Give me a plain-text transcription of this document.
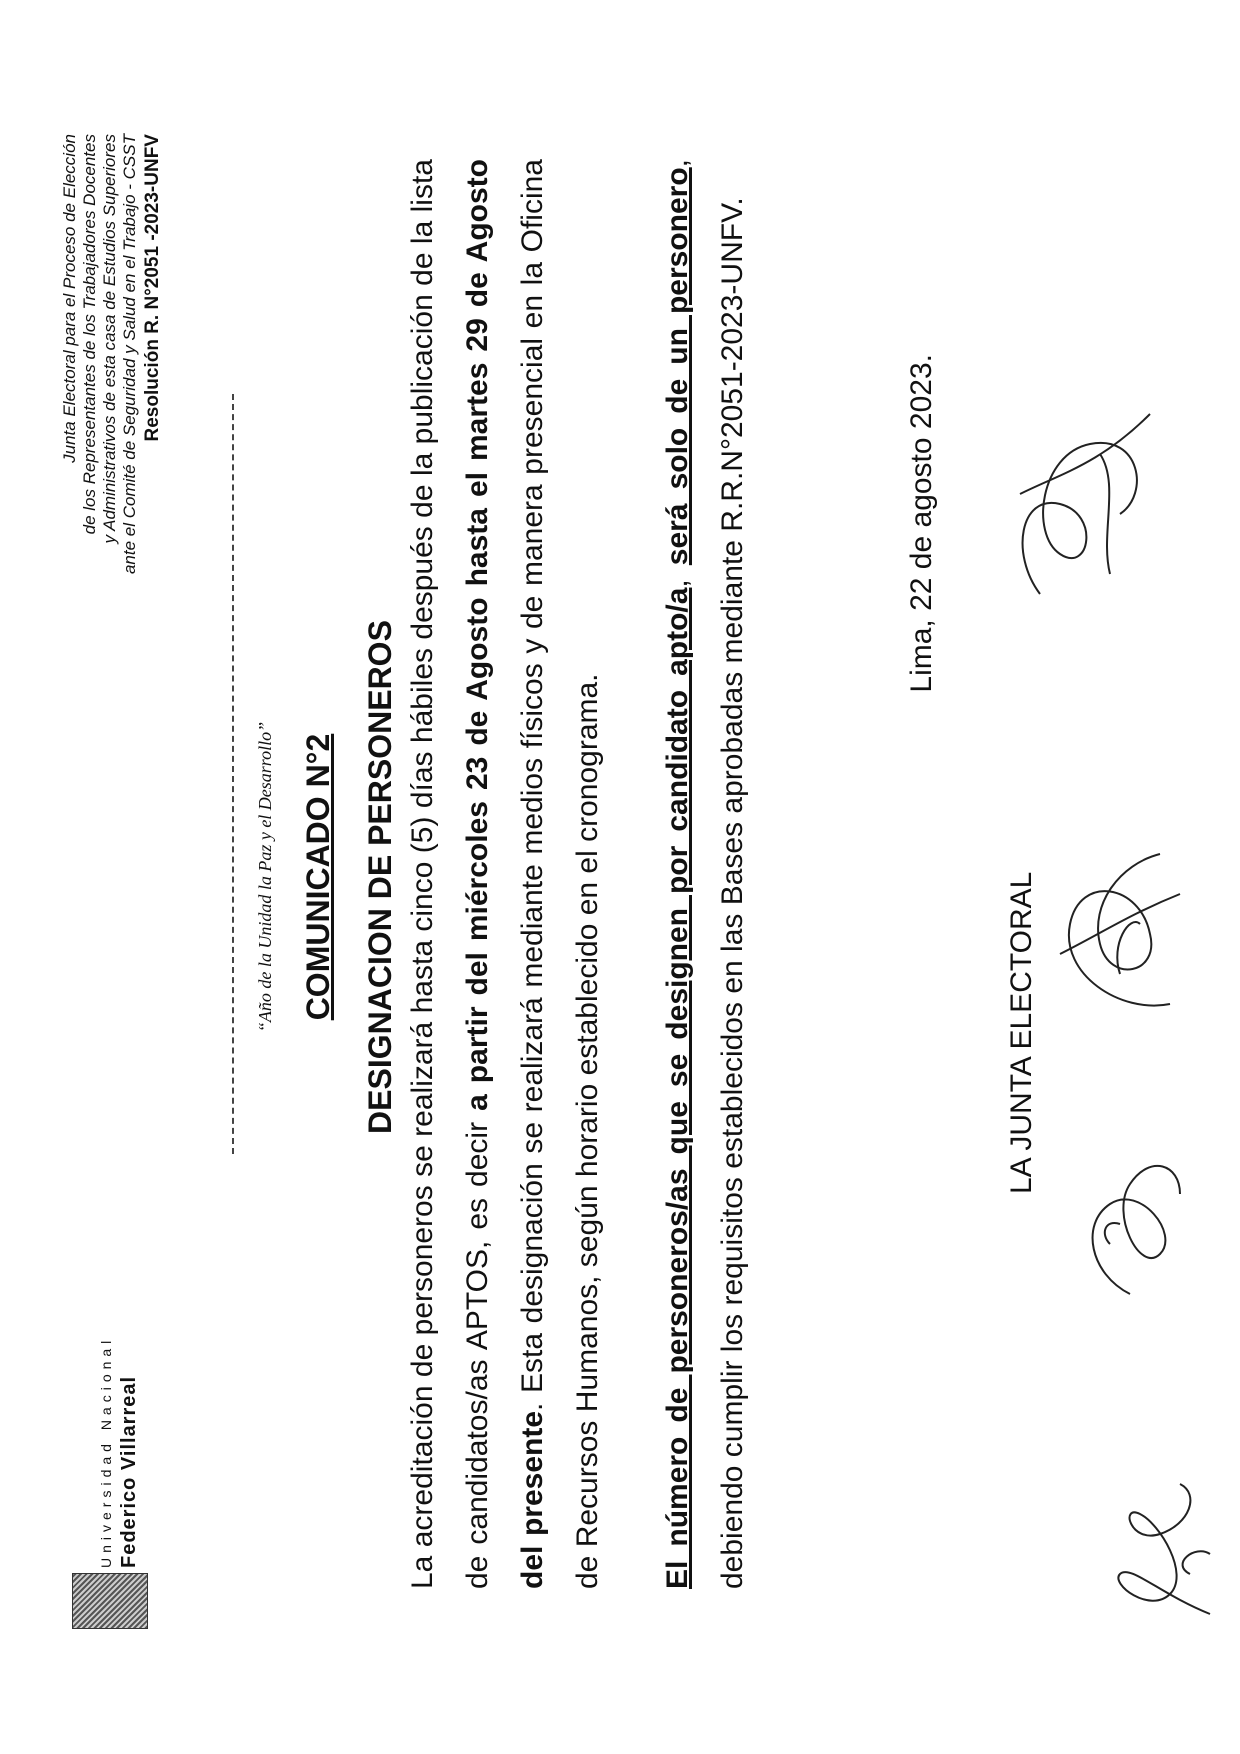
Universidad Nacional Federico Villarreal
Junta Electoral para el Proceso de Elección de los Representantes de los Trabajadores Docentes y Administrativos de esta casa de Estudios Superiores ante el Comité de Seguridad y Salud en el Trabajo - CSST Resolución R. N°2051 -2023-UNFV
“Año de la Unidad la Paz y el Desarrollo” COMUNICADO N°2 DESIGNACION DE PERSONEROS La acreditación de personeros se realizará hasta cinco (5) días hábiles después de la publicación de la lista de candidatos/as APTOS, es decir a partir del miércoles 23 de Agosto hasta el martes 29 de Agosto del presente. Esta designación se realizará mediante medios físicos y de manera presencial en la Oficina de Recursos Humanos, según horario establecido en el cronograma.	El número de personeros/as que se designen por candidato apto/a, será solo de un personero, debiendo cumplir los requisitos establecidos en las Bases aprobadas mediante R.R.N°2051-2023-UNFV.	Lima, 22 de agosto 2023.
LA JUNTA ELECTORAL
